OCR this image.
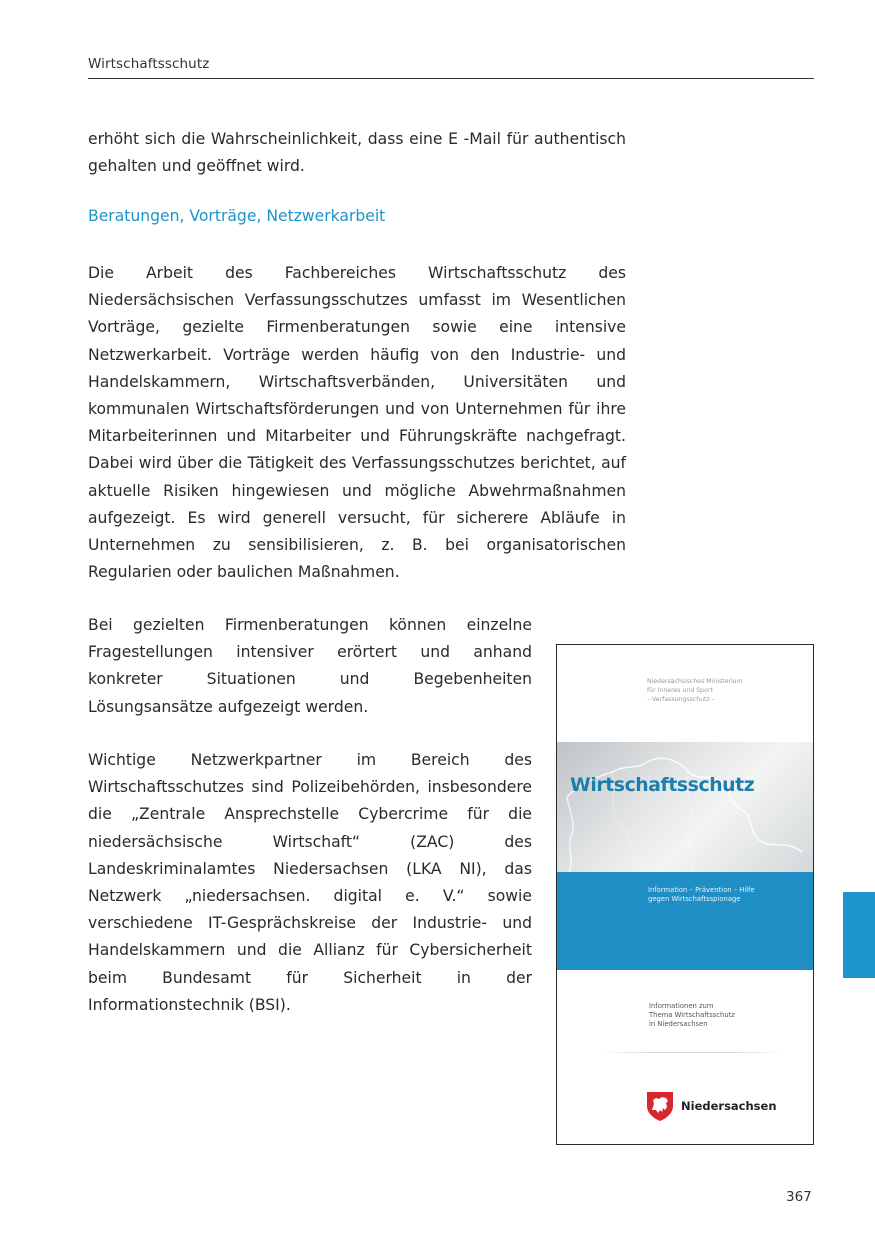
Wirtschaftsschutz

erhöht sich die Wahrscheinlichkeit, dass eine E -Mail für authentisch gehalten und geöffnet wird.

Beratungen, Vorträge, Netzwerkarbeit

Die Arbeit des Fachbereiches Wirtschaftsschutz des Niedersächsischen Verfassungsschutzes umfasst im Wesentlichen Vorträge, gezielte Firmenberatungen sowie eine intensive Netzwerkarbeit. Vorträge werden häufig von den Industrie- und Handelskammern, Wirtschaftsverbänden, Universitäten und kommunalen Wirtschaftsförderungen und von Unternehmen für ihre Mitarbeiterinnen und Mitarbeiter und Führungskräfte nachgefragt. Dabei wird über die Tätigkeit des Verfassungsschutzes berichtet, auf aktuelle Risiken hingewiesen und mögliche Abwehrmaßnahmen aufgezeigt. Es wird generell versucht, für sicherere Abläufe in Unternehmen zu sensibilisieren, z. B. bei organisatorischen Regularien oder baulichen Maßnahmen.

Bei gezielten Firmenberatungen können einzelne Fragestellungen intensiver erörtert und anhand konkreter Situationen und Begebenheiten Lösungsansätze aufgezeigt werden.

Wichtige Netzwerkpartner im Bereich des Wirtschaftsschutzes sind Polizeibehörden, insbesondere die „Zentrale Ansprechstelle Cybercrime für die niedersächsische Wirtschaft“ (ZAC) des Landeskriminalamtes Niedersachsen (LKA NI), das Netzwerk „niedersachsen. digital e. V.“ sowie verschiedene IT-Gesprächskreise der Industrie- und Handelskammern und die Allianz für Cybersicherheit beim Bundesamt für Sicherheit in der Informationstechnik (BSI).

Niedersächsisches Ministerium
für Inneres und Sport
– Verfassungsschutz –
Wirtschaftsschutz
Information – Prävention – Hilfe
gegen Wirtschaftsspionage
Informationen zum
Thema Wirtschaftsschutz
in Niedersachsen
Niedersachsen
367
